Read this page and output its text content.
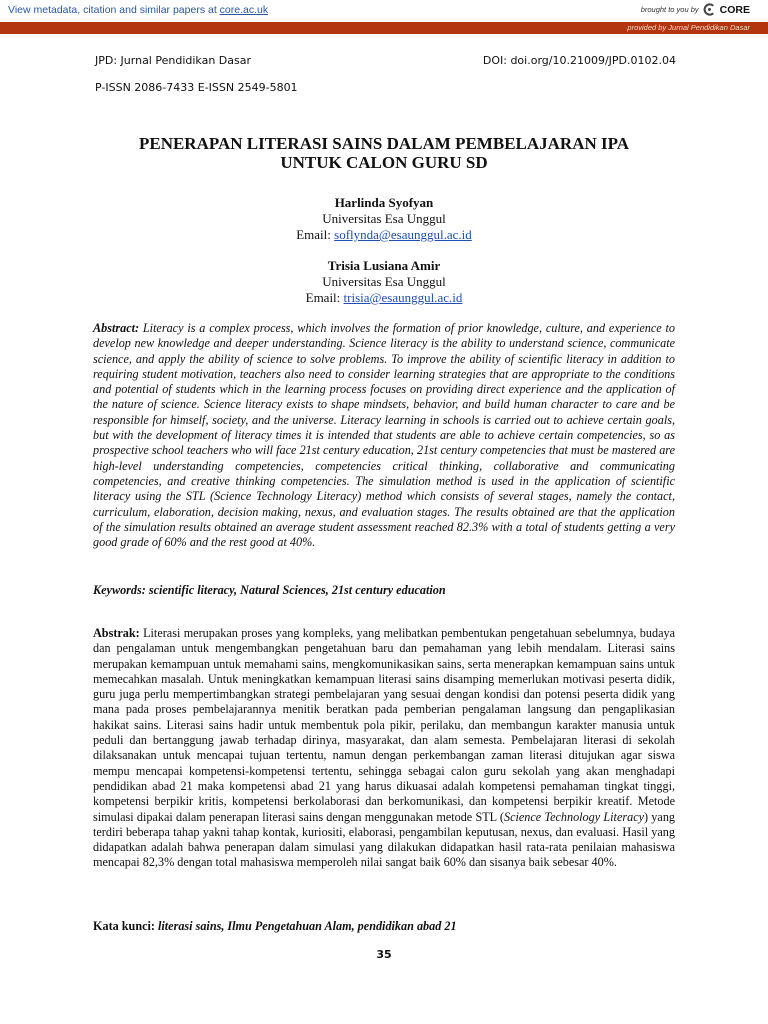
View metadata, citation and similar papers at core.ac.uk	brought to you by CORE
provided by Jurnal Pendidikan Dasar
JPD: Jurnal Pendidikan Dasar	DOI: doi.org/10.21009/JPD.0102.04
P-ISSN 2086-7433 E-ISSN 2549-5801
PENERAPAN LITERASI SAINS DALAM PEMBELAJARAN IPA
UNTUK CALON GURU SD
Harlinda Syofyan
Universitas Esa Unggul
Email: soflynda@esaunggul.ac.id
Trisia Lusiana Amir
Universitas Esa Unggul
Email: trisia@esaunggul.ac.id
Abstract: Literacy is a complex process, which involves the formation of prior knowledge, culture, and experience to develop new knowledge and deeper understanding. Science literacy is the ability to understand science, communicate science, and apply the ability of science to solve problems. To improve the ability of scientific literacy in addition to requiring student motivation, teachers also need to consider learning strategies that are appropriate to the conditions and potential of students which in the learning process focuses on providing direct experience and the application of the nature of science. Science literacy exists to shape mindsets, behavior, and build human character to care and be responsible for himself, society, and the universe. Literacy learning in schools is carried out to achieve certain goals, but with the development of literacy times it is intended that students are able to achieve certain competencies, so as prospective school teachers who will face 21st century education, 21st century competencies that must be mastered are high-level understanding competencies, competencies critical thinking, collaborative and communicating competencies, and creative thinking competencies. The simulation method is used in the application of scientific literacy using the STL (Science Technology Literacy) method which consists of several stages, namely the contact, curriculum, elaboration, decision making, nexus, and evaluation stages. The results obtained are that the application of the simulation results obtained an average student assessment reached 82.3% with a total of students getting a very good grade of 60% and the rest good at 40%.
Keywords: scientific literacy, Natural Sciences, 21st century education
Abstrak: Literasi merupakan proses yang kompleks, yang melibatkan pembentukan pengetahuan sebelumnya, budaya dan pengalaman untuk mengembangkan pengetahuan baru dan pemahaman yang lebih mendalam. Literasi sains merupakan kemampuan untuk memahami sains, mengkomunikasikan sains, serta menerapkan kemampuan sains untuk memecahkan masalah. Untuk meningkatkan kemampuan literasi sains disamping memerlukan motivasi peserta didik, guru juga perlu mempertimbangkan strategi pembelajaran yang sesuai dengan kondisi dan potensi peserta didik yang mana pada proses pembelajarannya menitik beratkan pada pemberian pengalaman langsung dan pengaplikasian hakikat sains. Literasi sains hadir untuk membentuk pola pikir, perilaku, dan membangun karakter manusia untuk peduli dan bertanggung jawab terhadap dirinya, masyarakat, dan alam semesta. Pembelajaran literasi di sekolah dilaksanakan untuk mencapai tujuan tertentu, namun dengan perkembangan zaman literasi ditujukan agar siswa mempu mencapai kompetensi-kompetensi tertentu, sehingga sebagai calon guru sekolah yang akan menghadapi pendidikan abad 21 maka kompetensi abad 21 yang harus dikuasai adalah kompetensi pemahaman tingkat tinggi, kompetensi berpikir kritis, kompetensi berkolaborasi dan berkomunikasi, dan kompetensi berpikir kreatif. Metode simulasi dipakai dalam penerapan literasi sains dengan menggunakan metode STL (Science Technology Literacy) yang terdiri beberapa tahap yakni tahap kontak, kuriositi, elaborasi, pengambilan keputusan, nexus, dan evaluasi. Hasil yang didapatkan adalah bahwa penerapan dalam simulasi yang dilakukan didapatkan hasil rata-rata penilaian mahasiswa mencapai 82,3% dengan total mahasiswa memperoleh nilai sangat baik 60% dan sisanya baik sebesar 40%.
Kata kunci: literasi sains, Ilmu Pengetahuan Alam, pendidikan abad 21
35
